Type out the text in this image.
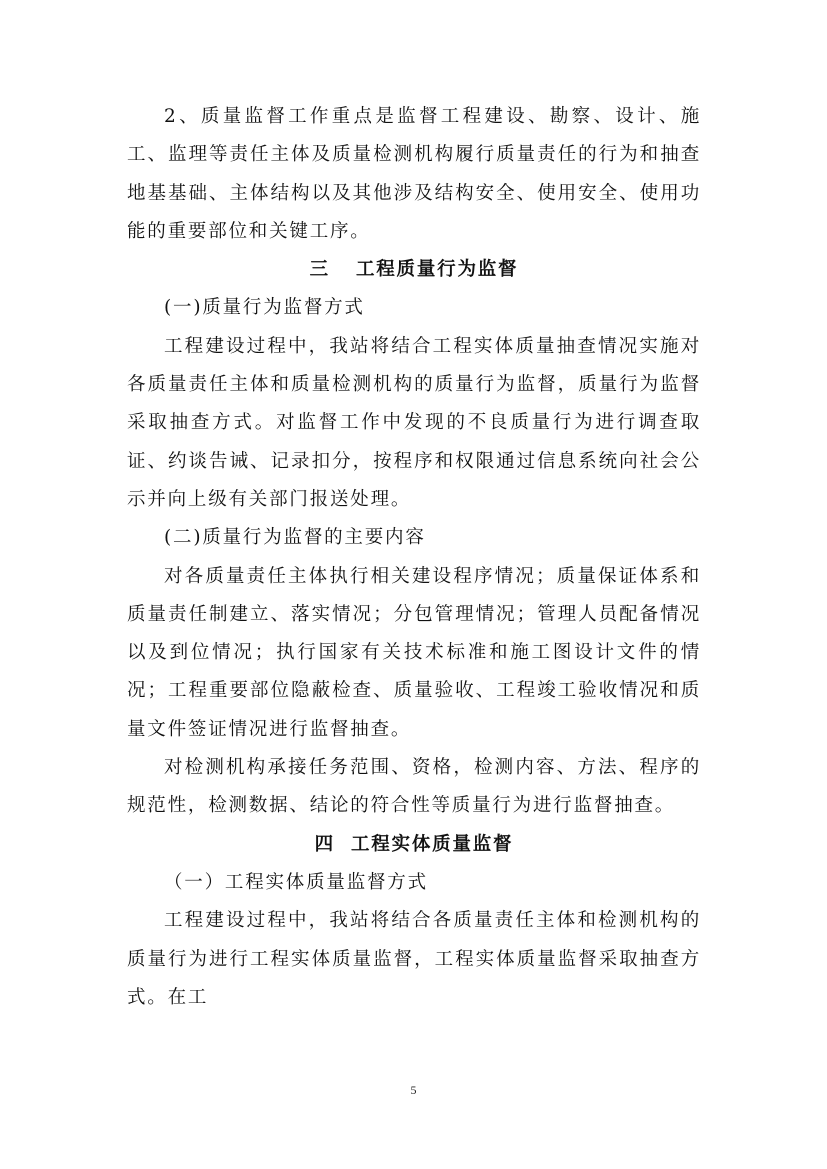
2、质量监督工作重点是监督工程建设、勘察、设计、施工、监理等责任主体及质量检测机构履行质量责任的行为和抽查地基基础、主体结构以及其他涉及结构安全、使用安全、使用功能的重要部位和关键工序。

三 工程质量行为监督

(一)质量行为监督方式

工程建设过程中，我站将结合工程实体质量抽查情况实施对各质量责任主体和质量检测机构的质量行为监督，质量行为监督采取抽查方式。对监督工作中发现的不良质量行为进行调查取证、约谈告诫、记录扣分，按程序和权限通过信息系统向社会公示并向上级有关部门报送处理。

(二)质量行为监督的主要内容

对各质量责任主体执行相关建设程序情况；质量保证体系和质量责任制建立、落实情况；分包管理情况；管理人员配备情况以及到位情况；执行国家有关技术标准和施工图设计文件的情况；工程重要部位隐蔽检查、质量验收、工程竣工验收情况和质量文件签证情况进行监督抽查。

对检测机构承接任务范围、资格，检测内容、方法、程序的规范性，检测数据、结论的符合性等质量行为进行监督抽查。

四 工程实体质量监督

（一）工程实体质量监督方式

工程建设过程中，我站将结合各质量责任主体和检测机构的质量行为进行工程实体质量监督，工程实体质量监督采取抽查方式。在工

5
